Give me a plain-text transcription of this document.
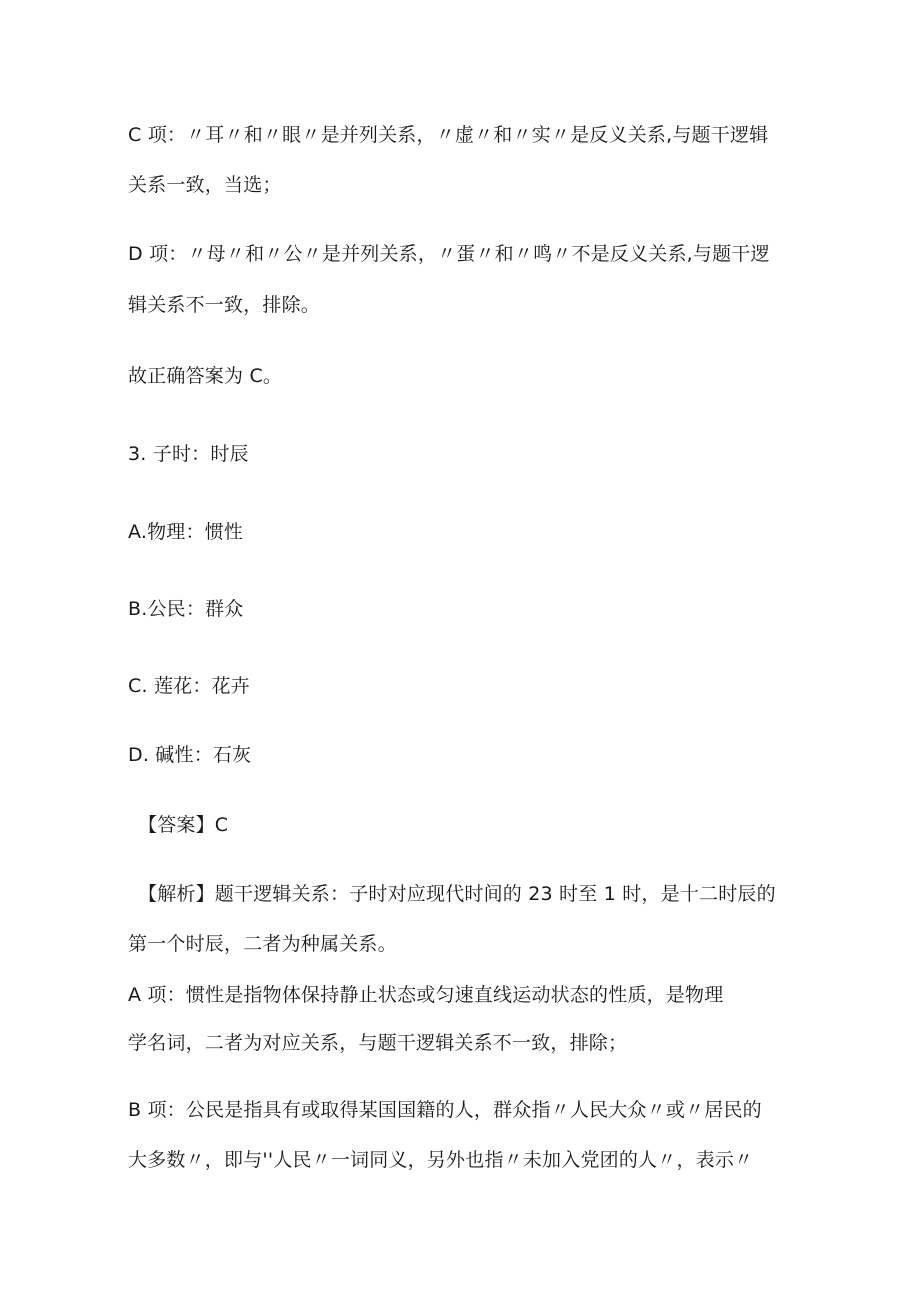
C 项：〃耳〃和〃眼〃是并列关系，〃虚〃和〃实〃是反义关系,与题干逻辑
关系一致，当选；
D 项：〃母〃和〃公〃是并列关系，〃蛋〃和〃鸣〃不是反义关系,与题干逻
辑关系不一致，排除。
故正确答案为 C。
3. 子时：时辰
A.物理：惯性
B.公民：群众
C. 莲花：花卉
D. 碱性：石灰
【答案】C
【解析】题干逻辑关系：子时对应现代时间的 23 时至 1 时，是十二时辰的
第一个时辰，二者为种属关系。
A 项：惯性是指物体保持静止状态或匀速直线运动状态的性质，是物理
学名词，二者为对应关系，与题干逻辑关系不一致，排除；
B 项：公民是指具有或取得某国国籍的人，群众指〃人民大众〃或〃居民的
大多数〃，即与''人民〃一词同义，另外也指〃未加入党团的人〃，表示〃
